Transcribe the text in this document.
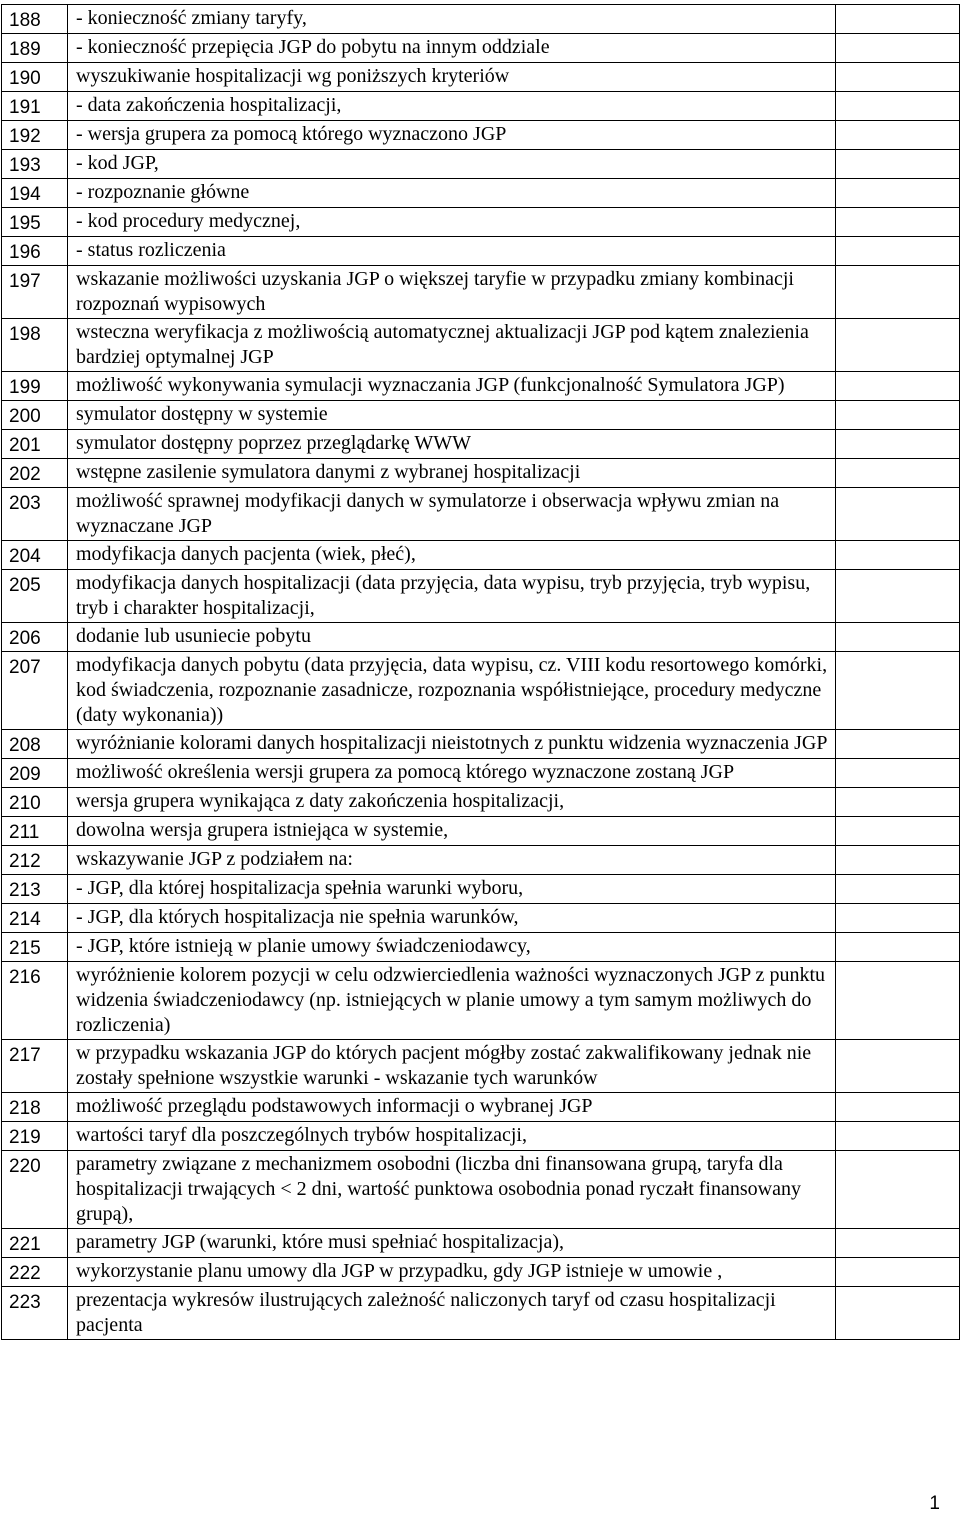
188	- konieczność zmiany taryfy,	
189	- konieczność przepięcia JGP do pobytu na innym oddziale	
190	wyszukiwanie hospitalizacji wg poniższych kryteriów	
191	- data zakończenia hospitalizacji,	
192	- wersja grupera za pomocą którego wyznaczono JGP	
193	- kod JGP,	
194	- rozpoznanie główne	
195	- kod procedury medycznej,	
196	- status rozliczenia	
197	wskazanie możliwości uzyskania JGP o większej taryfie w przypadku zmiany kombinacji rozpoznań wypisowych	
198	wsteczna weryfikacja z możliwością automatycznej aktualizacji JGP pod kątem znalezienia bardziej optymalnej JGP	
199	możliwość wykonywania symulacji wyznaczania JGP (funkcjonalność Symulatora JGP)	
200	symulator dostępny w systemie	
201	symulator dostępny poprzez przeglądarkę WWW	
202	wstępne zasilenie symulatora danymi z wybranej hospitalizacji	
203	możliwość sprawnej modyfikacji danych w symulatorze i obserwacja wpływu zmian na wyznaczane JGP	
204	modyfikacja danych pacjenta (wiek, płeć),	
205	modyfikacja danych hospitalizacji (data przyjęcia, data wypisu, tryb przyjęcia, tryb wypisu, tryb i charakter hospitalizacji,	
206	dodanie lub usuniecie pobytu	
207	modyfikacja danych pobytu (data przyjęcia, data wypisu, cz. VIII kodu resortowego komórki, kod świadczenia, rozpoznanie zasadnicze, rozpoznania współistniejące, procedury medyczne (daty wykonania))	
208	wyróżnianie kolorami danych hospitalizacji nieistotnych z punktu widzenia wyznaczenia JGP	
209	możliwość określenia wersji grupera za pomocą którego wyznaczone zostaną JGP	
210	wersja grupera wynikająca z daty zakończenia hospitalizacji,	
211	dowolna wersja grupera istniejąca w systemie,	
212	wskazywanie JGP z podziałem na:	
213	- JGP, dla której hospitalizacja spełnia warunki wyboru,	
214	- JGP, dla których hospitalizacja nie spełnia warunków,	
215	- JGP, które istnieją w planie umowy świadczeniodawcy,	
216	wyróżnienie kolorem pozycji w celu odzwierciedlenia ważności wyznaczonych JGP z punktu widzenia świadczeniodawcy (np. istniejących w planie umowy a tym samym możliwych do rozliczenia)	
217	w przypadku wskazania JGP do których pacjent mógłby zostać zakwalifikowany jednak nie zostały spełnione wszystkie warunki - wskazanie tych warunków	
218	możliwość przeglądu podstawowych informacji o wybranej JGP	
219	wartości taryf dla poszczególnych trybów hospitalizacji,	
220	parametry związane z mechanizmem osobodni (liczba dni finansowana grupą, taryfa dla hospitalizacji trwających < 2 dni, wartość punktowa osobodnia ponad ryczałt finansowany grupą),	
221	parametry JGP (warunki, które musi spełniać hospitalizacja),	
222	wykorzystanie planu umowy dla JGP w przypadku, gdy JGP istnieje w umowie ,	
223	prezentacja wykresów ilustrujących zależność naliczonych taryf od czasu hospitalizacji pacjenta	
1
